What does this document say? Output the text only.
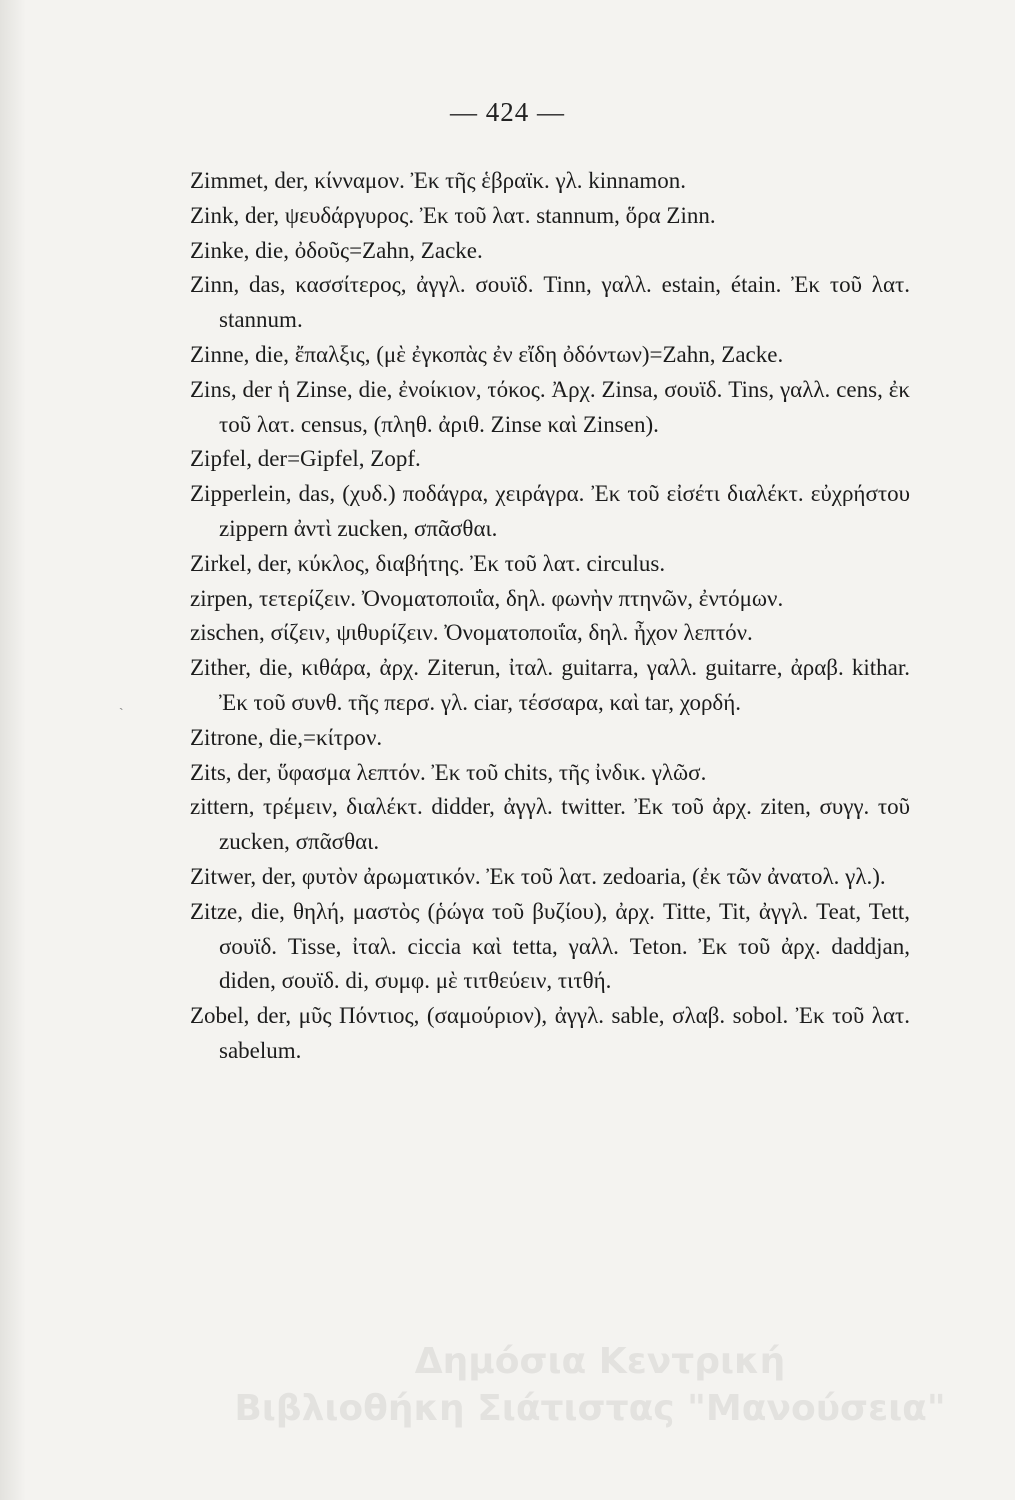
— 424 —

Zimmet, der, κίνναμον. Ἐκ τῆς ἑβραϊκ. γλ. kinnamon.

Zink, der, ψευδάργυρος. Ἐκ τοῦ λατ. stannum, ὅρα Zinn.

Zinke, die, ὀδοῦς=Zahn, Zacke.

Zinn, das, κασσίτερος, ἀγγλ. σουϊδ. Tinn, γαλλ. estain, étain. Ἐκ τοῦ λατ. stannum.

Zinne, die, ἔπαλξις, (μὲ ἐγκοπὰς ἐν εἴδη ὀδόντων)=Zahn, Zacke.

Zins, der ἡ Zinse, die, ἐνοίκιον, τόκος. Ἀρχ. Zinsa, σουϊδ. Tins, γαλλ. cens, ἐκ τοῦ λατ. census, (πληθ. ἀριθ. Zinse καὶ Zinsen).

Zipfel, der=Gipfel, Zopf.

Zipperlein, das, (χυδ.) ποδάγρα, χειράγρα. Ἐκ τοῦ εἰσέτι διαλέκτ. εὐχρήστου zippern ἀντὶ zucken, σπᾶσθαι.

Zirkel, der, κύκλος, διαβήτης. Ἐκ τοῦ λατ. circulus.

zirpen, τετερίζειν. Ὀνοματοποιΐα, δηλ. φωνὴν πτηνῶν, ἐντόμων.

zischen, σίζειν, ψιθυρίζειν. Ὀνοματοποιΐα, δηλ. ἦχον λεπτόν.

Zither, die, κιθάρα, ἀρχ. Ziterun, ἰταλ. guitarra, γαλλ. guitarre, ἀραβ. kithar. Ἐκ τοῦ συνθ. τῆς περσ. γλ. ciar, τέσσαρα, καὶ tar, χορδή.

Zitrone, die,=κίτρον.

Zits, der, ὕφασμα λεπτόν. Ἐκ τοῦ chits, τῆς ἰνδικ. γλῶσ.

zittern, τρέμειν, διαλέκτ. didder, ἀγγλ. twitter. Ἐκ τοῦ ἀρχ. ziten, συγγ. τοῦ zucken, σπᾶσθαι.

Zitwer, der, φυτὸν ἀρωματικόν. Ἐκ τοῦ λατ. zedoaria, (ἐκ τῶν ἀνατολ. γλ.).

Zitze, die, θηλή, μαστὸς (ῥώγα τοῦ βυζίου), ἀρχ. Titte, Tit, ἀγγλ. Teat, Tett, σουϊδ. Tisse, ἰταλ. ciccia καὶ tetta, γαλλ. Teton. Ἐκ τοῦ ἀρχ. daddjan, diden, σουϊδ. di, συμφ. μὲ τιτθεύειν, τιτθή.

Zobel, der, μῦς Πόντιος, (σαμούριον), ἀγγλ. sable, σλαβ. sobol. Ἐκ τοῦ λατ. sabelum.

`
Δημόσια Κεντρική
Βιβλιοθήκη Σιάτιστας "Μανούσεια"
